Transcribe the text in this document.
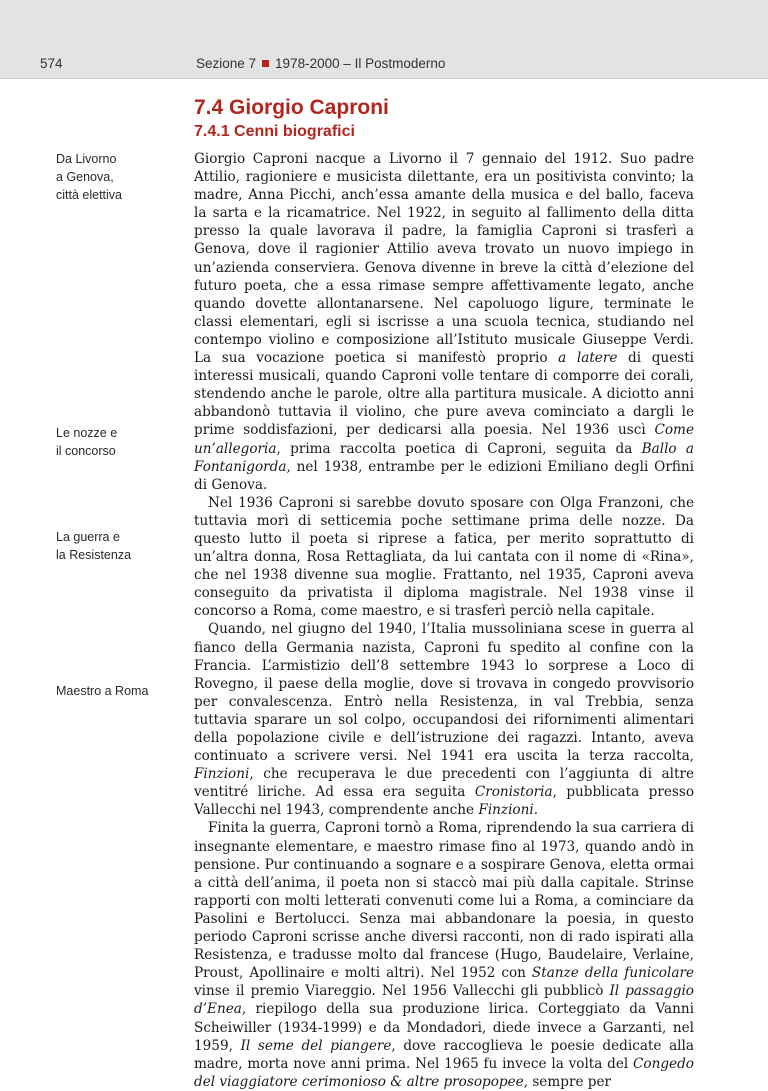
574	Sezione 7 1978-2000 – Il Postmoderno
7.4 Giorgio Caproni
7.4.1 Cenni biografici
Da Livorno
a Genova,
città elettiva
Le nozze e
il concorso
La guerra e
la Resistenza
Maestro a Roma

Giorgio Caproni nacque a Livorno il 7 gennaio del 1912. Suo padre Attilio, ragioniere e musicista dilettante, era un positivista convinto; la madre, Anna Picchi, anch’essa amante della musica e del ballo, faceva la sarta e la ricamatrice. Nel 1922, in seguito al fallimento della ditta presso la quale lavorava il padre, la famiglia Caproni si trasferì a Genova, dove il ragionier Attilio aveva trovato un nuovo impiego in un’azienda conserviera. Genova divenne in breve la città d’elezione del futuro poeta, che a essa rimase sempre affettivamente legato, anche quando dovette allontanarsene. Nel capoluogo ligure, terminate le classi elementari, egli si iscrisse a una scuola tecnica, studiando nel contempo violino e composizione all’Istituto musicale Giuseppe Verdi. La sua vocazione poetica si manifestò proprio a latere di questi interessi musicali, quando Caproni volle tentare di comporre dei corali, stendendo anche le parole, oltre alla partitura musicale. A diciotto anni abbandonò tuttavia il violino, che pure aveva cominciato a dargli le prime soddisfazioni, per dedicarsi alla poesia. Nel 1936 uscì Come un’allegoria, prima raccolta poetica di Caproni, seguita da Ballo a Fontanigorda, nel 1938, entrambe per le edizioni Emiliano degli Orfini di Genova.

Nel 1936 Caproni si sarebbe dovuto sposare con Olga Franzoni, che tuttavia morì di setticemia poche settimane prima delle nozze. Da questo lutto il poeta si riprese a fatica, per merito soprattutto di un’altra donna, Rosa Rettagliata, da lui cantata con il nome di «Rina», che nel 1938 divenne sua moglie. Frattanto, nel 1935, Caproni aveva conseguito da privatista il diploma magistrale. Nel 1938 vinse il concorso a Roma, come maestro, e si trasferì perciò nella capitale.

Quando, nel giugno del 1940, l’Italia mussoliniana scese in guerra al fianco della Germania nazista, Caproni fu spedito al confine con la Francia. L’armistizio dell’8 settembre 1943 lo sorprese a Loco di Rovegno, il paese della moglie, dove si trovava in congedo provvisorio per convalescenza. Entrò nella Resistenza, in val Trebbia, senza tuttavia sparare un sol colpo, occupandosi dei rifornimenti alimentari della popolazione civile e dell’istruzione dei ragazzi. Intanto, aveva continuato a scrivere versi. Nel 1941 era uscita la terza raccolta, Finzioni, che recuperava le due precedenti con l’aggiunta di altre ventitré liriche. Ad essa era seguita Cronistoria, pubblicata presso Vallecchi nel 1943, comprendente anche Finzioni.

Finita la guerra, Caproni tornò a Roma, riprendendo la sua carriera di insegnante elementare, e maestro rimase fino al 1973, quando andò in pensione. Pur continuando a sognare e a sospirare Genova, eletta ormai a città dell’anima, il poeta non si staccò mai più dalla capitale. Strinse rapporti con molti letterati convenuti come lui a Roma, a cominciare da Pasolini e Bertolucci. Senza mai abbandonare la poesia, in questo periodo Caproni scrisse anche diversi racconti, non di rado ispirati alla Resistenza, e tradusse molto dal francese (Hugo, Baudelaire, Verlaine, Proust, Apollinaire e molti altri). Nel 1952 con Stanze della funicolare vinse il premio Viareggio. Nel 1956 Vallecchi gli pubblicò Il passaggio d’Enea, riepilogo della sua produzione lirica. Corteggiato da Vanni Scheiwiller (1934-1999) e da Mondadori, diede invece a Garzanti, nel 1959, Il seme del piangere, dove raccoglieva le poesie dedicate alla madre, morta nove anni prima. Nel 1965 fu invece la volta del Congedo del viaggiatore cerimonioso & altre prosopopee, sempre per
